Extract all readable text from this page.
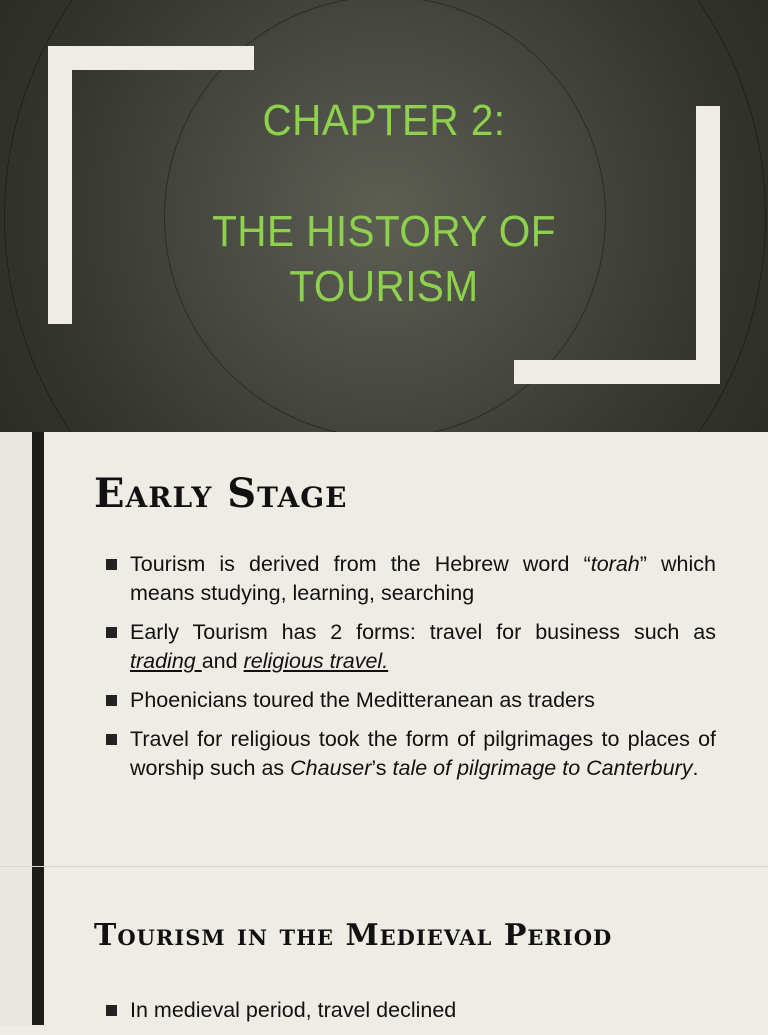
CHAPTER 2:
THE HISTORY OF
TOURISM
Early Stage
Tourism is derived from the Hebrew word “torah” which means studying, learning, searching
Early Tourism has 2 forms: travel for business such as trading and religious travel.
Phoenicians toured the Meditteranean as traders
Travel for religious took the form of pilgrimages to places of worship such as Chauser’s tale of pilgrimage to Canterbury.
Tourism in the Medieval Period
In medieval period, travel declined
